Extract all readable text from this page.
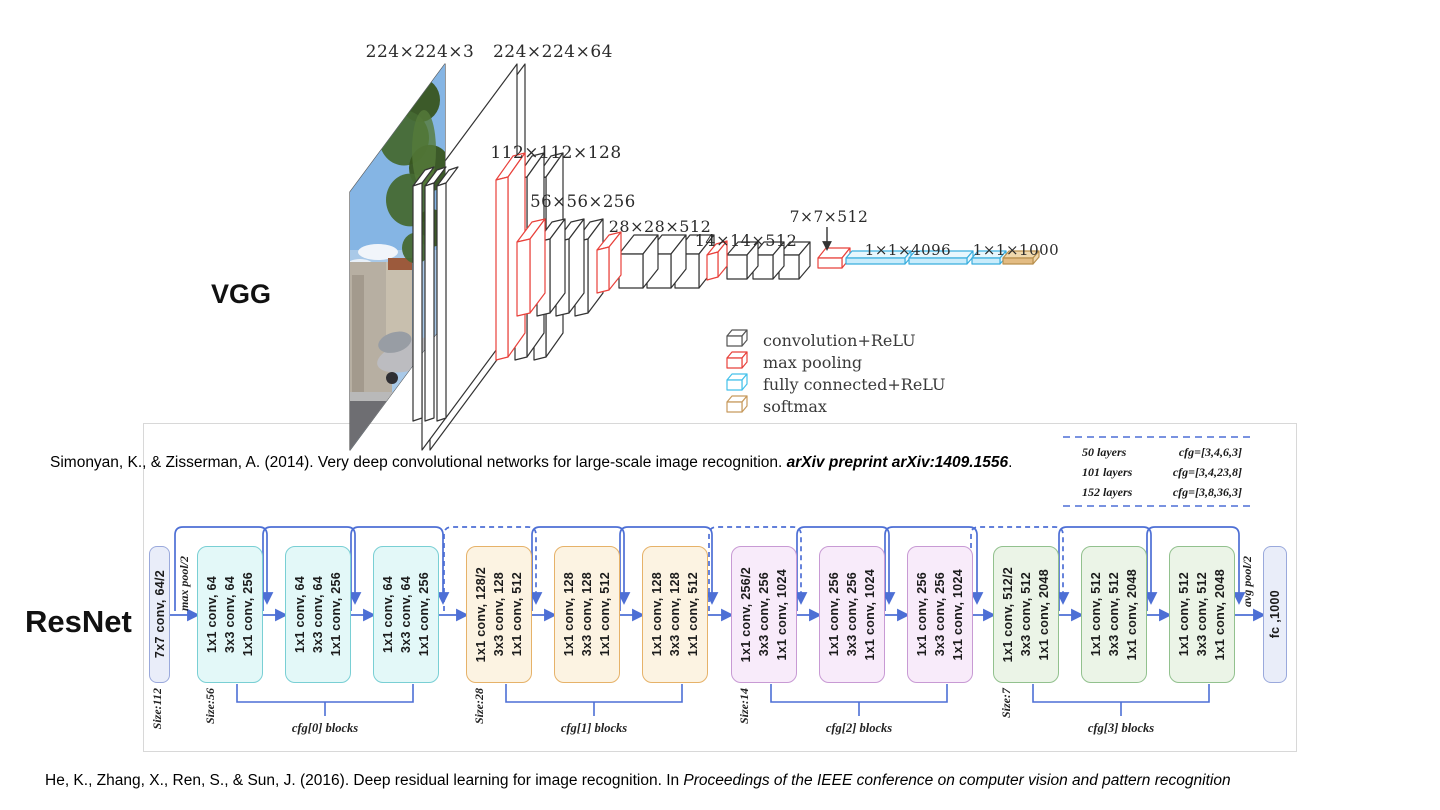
7x7 conv, 64/2	fc ,1000
1x1 conv, 64 3x3 conv, 64 1x1 conv, 256	1x1 conv, 64 3x3 conv, 64 1x1 conv, 256	1x1 conv, 64 3x3 conv, 64 1x1 conv, 256	1x1 conv, 128/2 3x3 conv, 128 1x1 conv, 512	1x1 conv, 128 3x3 conv, 128 1x1 conv, 512	1x1 conv, 128 3x3 conv, 128 1x1 conv, 512	1x1 conv, 256/2 3x3 conv, 256 1x1 conv, 1024	1x1 conv, 256 3x3 conv, 256 1x1 conv, 1024	1x1 conv, 256 3x3 conv, 256 1x1 conv, 1024	1x1 conv, 512/2 3x3 conv, 512 1x1 conv, 2048	1x1 conv, 512 3x3 conv, 512 1x1 conv, 2048	1x1 conv, 512 3x3 conv, 512 1x1 conv, 2048
cfg[0] blocks
Size:56
cfg[1] blocks
Size:28
cfg[2] blocks
Size:14
cfg[3] blocks
Size:7
Size:112
max pool/2	avg pool/2
50 layers	cfg=[3,4,6,3]
101 layers	cfg=[3,4,23,8]
152 layers	cfg=[3,8,36,3]
224×224×3 224×224×64
112×112×128
56×56×256
28×28×512
14×14×512
7×7×512
1×1×4096 1×1×1000
convolution+ReLU
max pooling
fully connected+ReLU
softmax
VGG
ResNet
Simonyan, K., & Zisserman, A. (2014). Very deep convolutional networks for large-scale image recognition. arXiv preprint arXiv:1409.1556.
He, K., Zhang, X., Ren, S., & Sun, J. (2016). Deep residual learning for image recognition. In Proceedings of the IEEE conference on computer vision and pattern recognition
